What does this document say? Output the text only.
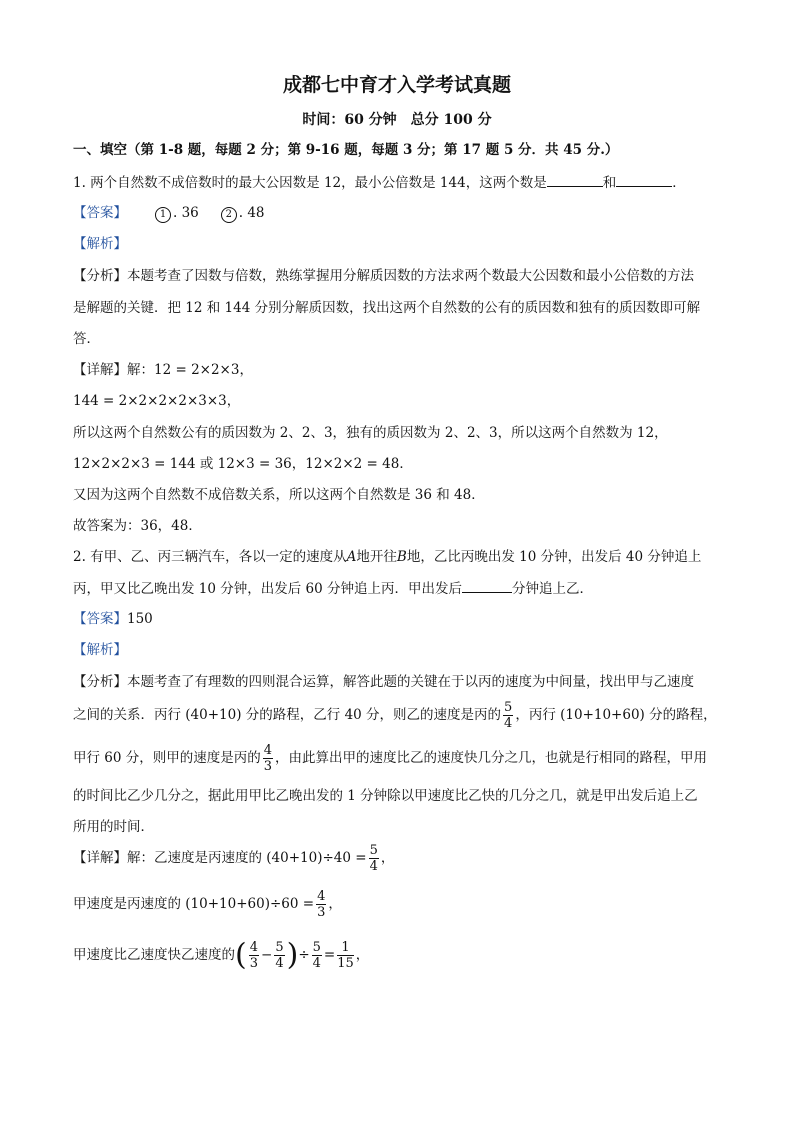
成都七中育才入学考试真题
时间：60 分钟　总分 100 分
一、填空（第 1-8 题，每题 2 分；第 9-16 题，每题 3 分；第 17 题 5 分．共 45 分.）
1. 两个自然数不成倍数时的最大公因数是 12，最小公倍数是 144，这两个数是	和	．
【答案】	1 . 36	2 . 48
【解析】
【分析】本题考查了因数与倍数，熟练掌握用分解质因数的方法求两个数最大公因数和最小公倍数的方法
是解题的关键．把 12 和 144 分别分解质因数，找出这两个自然数的公有的质因数和独有的质因数即可解
答．
【详解】解：12 = 2×2×3，
144 = 2×2×2×2×3×3，
所以这两个自然数公有的质因数为 2、2、3，独有的质因数为 2、2、3，所以这两个自然数为 12，
12×2×2×3 = 144 或 12×3 = 36，12×2×2 = 48．
又因为这两个自然数不成倍数关系，所以这两个自然数是 36 和 48．
故答案为：36，48．
2. 有甲、乙、丙三辆汽车，各以一定的速度从A地开往B地，乙比丙晚出发 10 分钟，出发后 40 分钟追上
丙，甲又比乙晚出发 10 分钟，出发后 60 分钟追上丙．甲出发后	分钟追上乙．
【答案】150
【解析】
【分析】本题考查了有理数的四则混合运算，解答此题的关键在于以丙的速度为中间量，找出甲与乙速度
之间的关系．丙行 (40+10) 分的路程，乙行 40 分，则乙的速度是丙的 $\frac{5}{4}$ ，丙行 (10+10+60) 分的路程，
甲行 60 分，则甲的速度是丙的 $\frac{4}{3}$ ，由此算出甲的速度比乙的速度快几分之几，也就是行相同的路程，甲用
的时间比乙少几分之，据此用甲比乙晚出发的 1 分钟除以甲速度比乙快的几分之几，就是甲出发后追上乙
所用的时间．
【详解】解：乙速度是丙速度的 $(40+10)\div 40 = \frac{5}{4}$ ，
甲速度是丙速度的 $(10+10+60)\div 60 = \frac{4}{3}$ ，
甲速度比乙速度快乙速度的( $\frac{4}{3} - \frac{5}{4}$ )÷ $\frac{5}{4} = \frac{1}{15}$ ，
